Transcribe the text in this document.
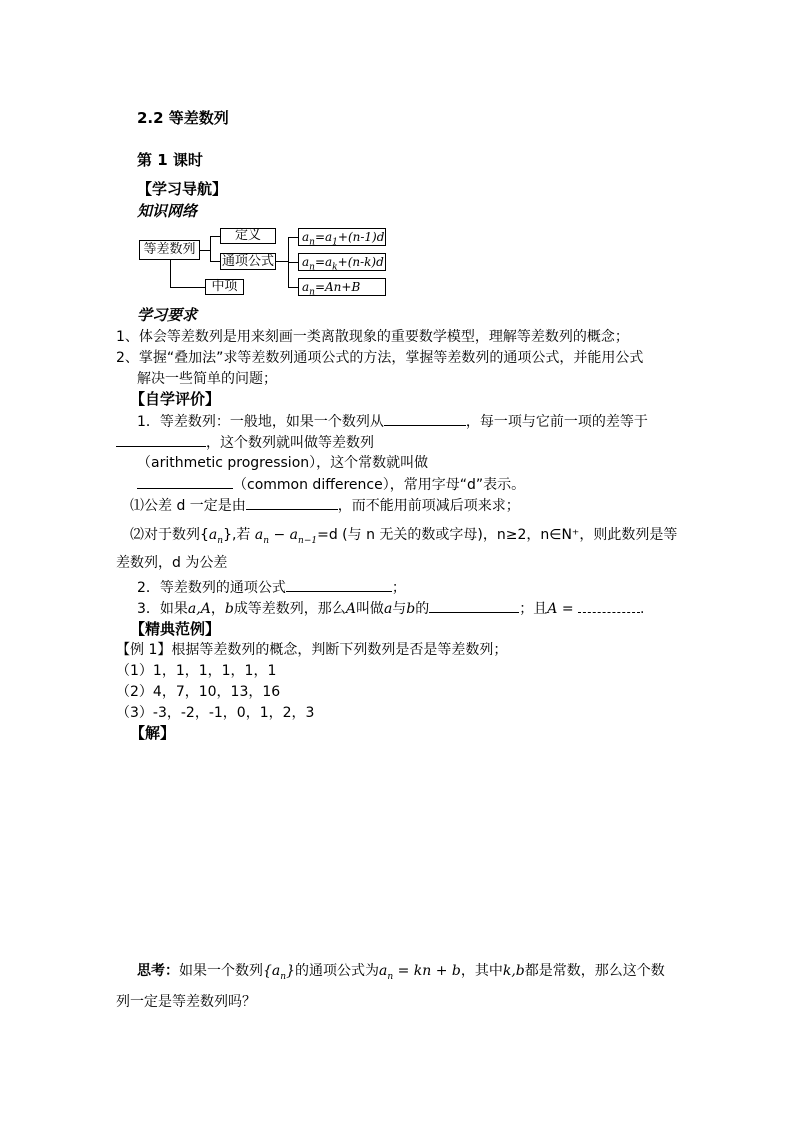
2.2 等差数列
第 1 课时
【学习导航】
知识网络
等差数列
定义
通项公式
中项
$a_n=a_1+(n-1)d$
$a_n=a_k+(n-k)d$
$a_n=An+B$
学习要求
1、体会等差数列是用来刻画一类离散现象的重要数学模型，理解等差数列的概念；
2、掌握“叠加法”求等差数列通项公式的方法，掌握等差数列的通项公式，并能用公式
解决一些简单的问题；
【自学评价】
1．等差数列：一般地，如果一个数列从	，每一项与它前一项的差等于
，这个数列就叫做等差数列
（arithmetic progression），这个常数就叫做
（common difference），常用字母“d”表示。
⑴公差 d 一定是由	，而不能用前项减后项来求；
⑵对于数列$\{a_n\}$,若 $a_n - a_{n-1}=d$ (与 n 无关的数或字母)，n≥2，n∈N⁺，则此数列是等
差数列，d 为公差
2．等差数列的通项公式	；
3．如果a,A，b成等差数列，那么A叫做a与b的	；且A =	.
【精典范例】
【例 1】根据等差数列的概念，判断下列数列是否是等差数列；
（1）1，1，1，1，1，1
（2）4，7，10，13，16
（3）-3，-2，-1，0，1，2，3
【解】
思考：如果一个数列$\{a_n\}$的通项公式为$a_n$ = kn + b，其中k,b都是常数，那么这个数
列一定是等差数列吗？
